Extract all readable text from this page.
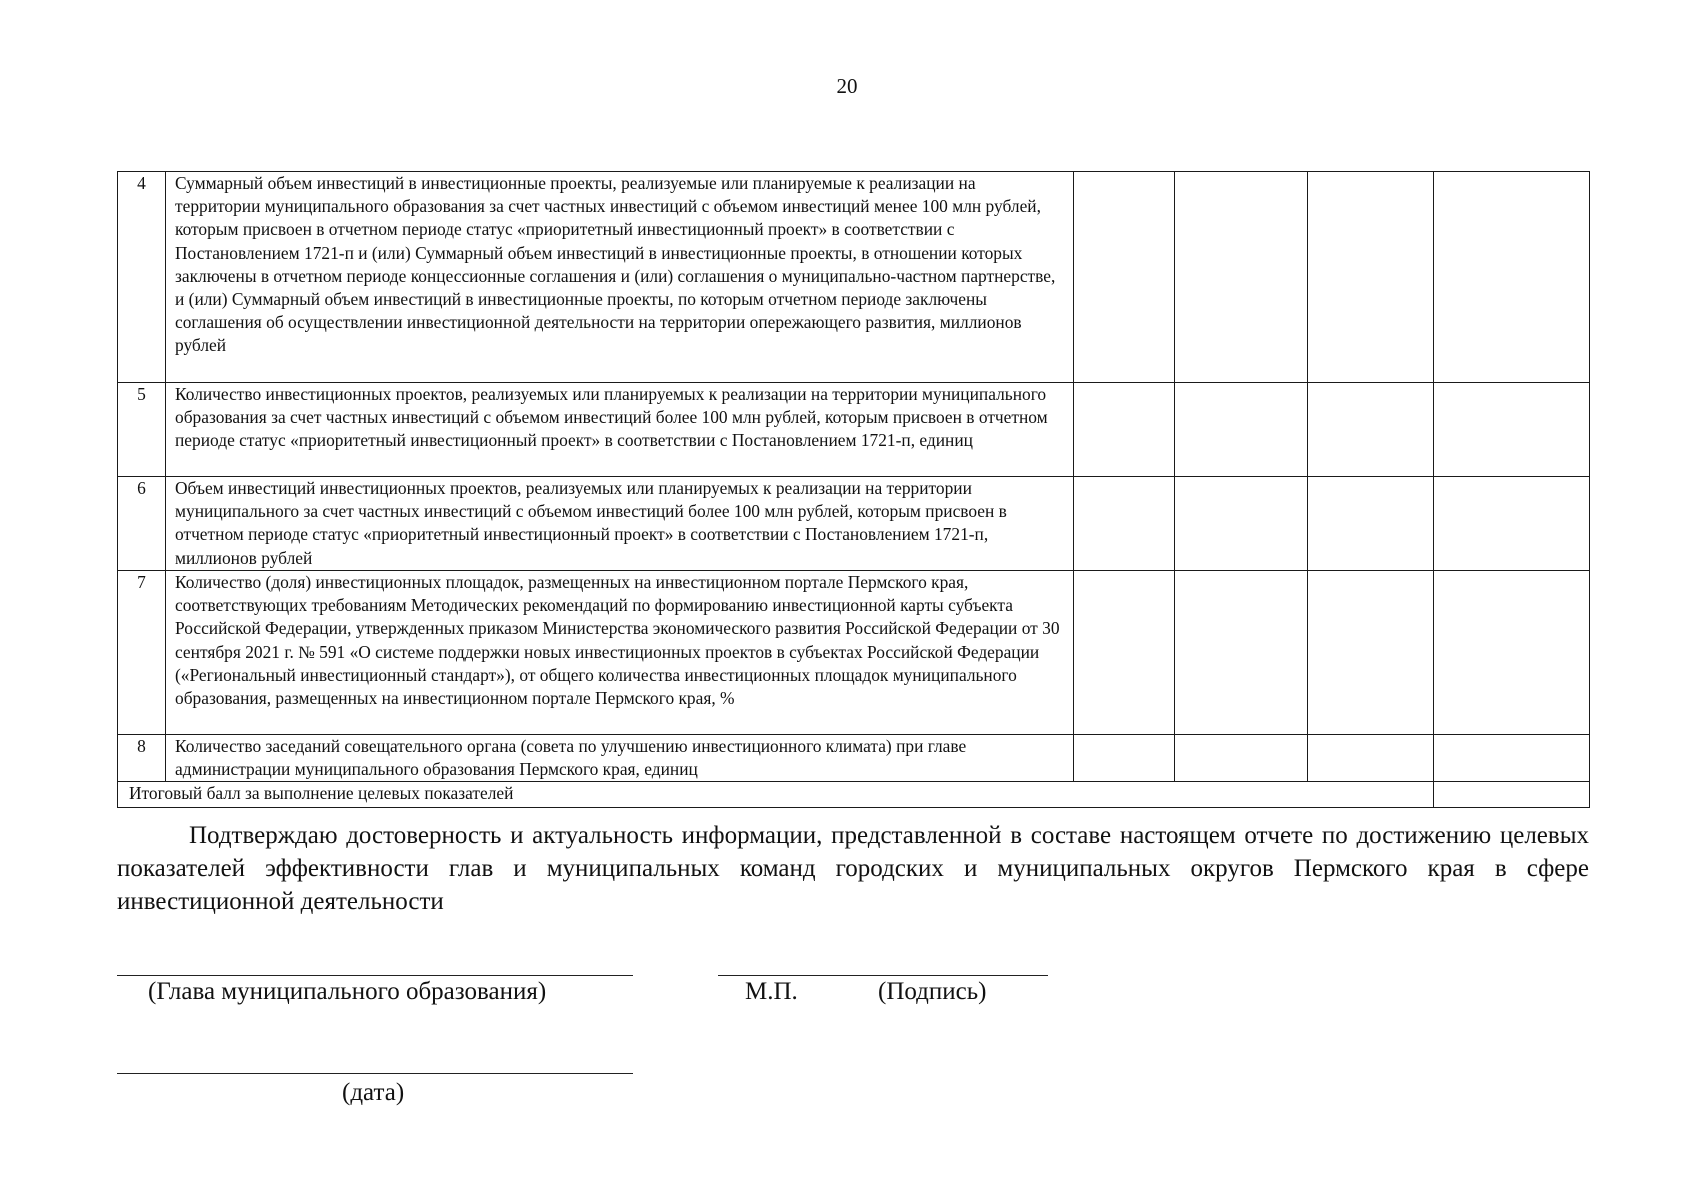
20
4	Суммарный объем инвестиций в инвестиционные проекты, реализуемые или планируемые к реализации на территории муниципального образования за счет частных инвестиций с объемом инвестиций менее 100 млн рублей, которым присвоен в отчетном периоде статус «приоритетный инвестиционный проект» в соответствии с Постановлением 1721-п и (или) Суммарный объем инвестиций в инвестиционные проекты, в отношении которых заключены в отчетном периоде концессионные соглашения и (или) соглашения о муниципально-частном партнерстве, и (или) Суммарный объем инвестиций в инвестиционные проекты, по которым отчетном периоде заключены соглашения об осуществлении инвестиционной деятельности на территории опережающего развития, миллионов рублей				
5	Количество инвестиционных проектов, реализуемых или планируемых к реализации на территории муниципального образования за счет частных инвестиций с объемом инвестиций более 100 млн рублей, которым присвоен в отчетном периоде статус «приоритетный инвестиционный проект» в соответствии с Постановлением 1721-п, единиц				
6	Объем инвестиций инвестиционных проектов, реализуемых или планируемых к реализации на территории муниципального за счет частных инвестиций с объемом инвестиций более 100 млн рублей, которым присвоен в отчетном периоде статус «приоритетный инвестиционный проект» в соответствии с Постановлением 1721-п, миллионов рублей				
7	Количество (доля) инвестиционных площадок, размещенных на инвестиционном портале Пермского края, соответствующих требованиям Методических рекомендаций по формированию инвестиционной карты субъекта Российской Федерации, утвержденных приказом Министерства экономического развития Российской Федерации от 30 сентября 2021 г. № 591 «О системе поддержки новых инвестиционных проектов в субъектах Российской Федерации («Региональный инвестиционный стандарт»), от общего количества инвестиционных площадок муниципального образования, размещенных на инвестиционном портале Пермского края, %				
8	Количество заседаний совещательного органа (совета по улучшению инвестиционного климата) при главе администрации муниципального образования Пермского края, единиц				
Итоговый балл за выполнение целевых показателей					

Подтверждаю достоверность и актуальность информации, представленной в составе настоящем отчете по достижению целевых показателей эффективности глав и муниципальных команд городских и муниципальных округов Пермского края в сфере инвестиционной деятельности

(Глава муниципального образования)	М.П.	(Подпись)
(дата)
